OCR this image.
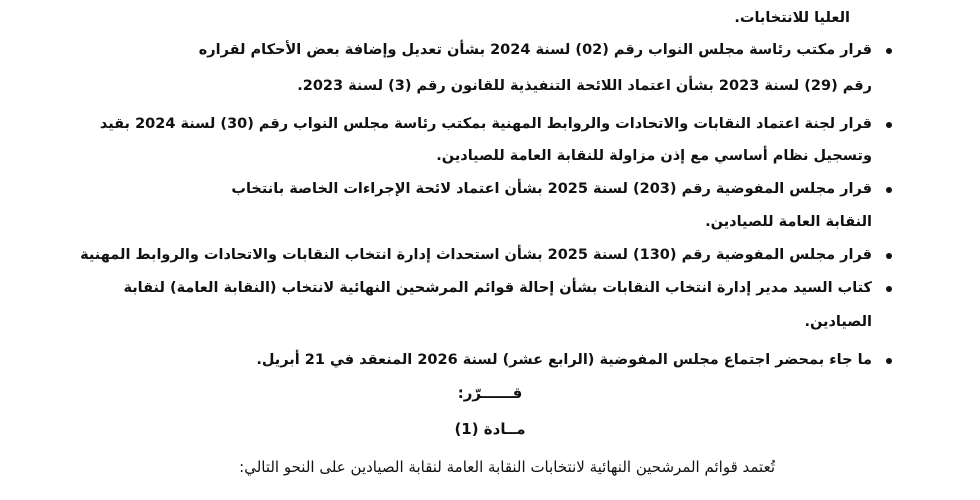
العليا للانتخابات.
قرار مكتب رئاسة مجلس النواب رقم (02) لسنة 2024 بشأن تعديل وإضافة بعض الأحكام لقراره
رقم (29) لسنة 2023 بشأن اعتماد اللائحة التنفيذية للقانون رقم (3) لسنة 2023.
قرار لجنة اعتماد النقابات والاتحادات والروابط المهنية بمكتب رئاسة مجلس النواب رقم (30) لسنة 2024 بقيد
وتسجيل نظام أساسي مع إذن مزاولة للنقابة العامة للصيادين.
قرار مجلس المفوضية رقم (203) لسنة 2025 بشأن اعتماد لائحة الإجراءات الخاصة بانتخاب
النقابة العامة للصيادين.
قرار مجلس المفوضية رقم (130) لسنة 2025 بشأن استحداث إدارة انتخاب النقابات والاتحادات والروابط المهنية
كتاب السيد مدير إدارة انتخاب النقابات بشأن إحالة قوائم المرشحين النهائية لانتخاب (النقابة العامة) لنقابة
الصيادين.
ما جاء بمحضر اجتماع مجلس المفوضية (الرابع عشر) لسنة 2026 المنعقد في 21 أبريل.
قــــــرّر:
مــادة (1)
تُعتمد قوائم المرشحين النهائية لانتخابات النقابة العامة لنقابة الصيادين على النحو التالي:
